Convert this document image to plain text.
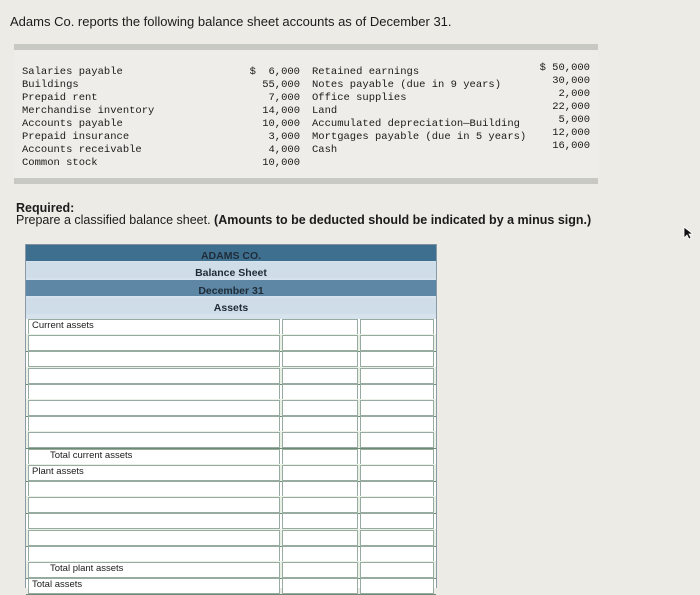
Adams Co. reports the following balance sheet accounts as of December 31.
Salaries payable
Buildings
Prepaid rent
Merchandise inventory
Accounts payable
Prepaid insurance
Accounts receivable
Common stock
$  6,000
55,000
7,000
14,000
10,000
3,000
4,000
10,000
Retained earnings
Notes payable (due in 9 years)
Office supplies
Land
Accumulated depreciation—Building
Mortgages payable (due in 5 years)
Cash
$ 50,000
30,000
2,000
22,000
5,000
12,000
16,000
Required:
Prepare a classified balance sheet. (Amounts to be deducted should be indicated by a minus sign.)
ADAMS CO.
Balance Sheet
December 31
Assets
Current assets
Total current assets
Plant assets
Total plant assets
Total assets
